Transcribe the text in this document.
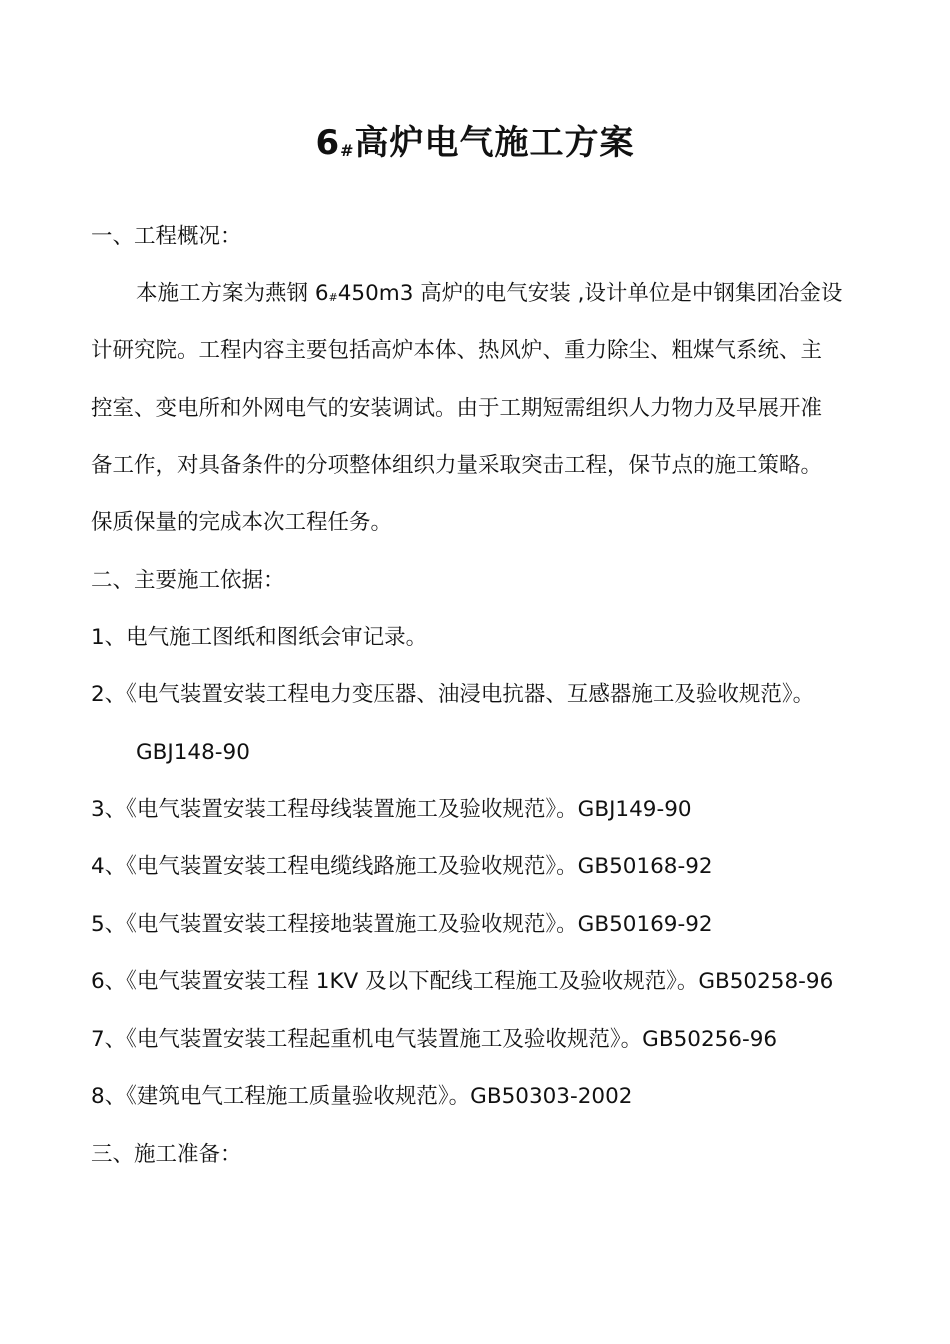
6#高炉电气施工方案
一、工程概况：
本施工方案为燕钢 6#450m3 高炉的电气安装 ,设计单位是中钢集团冶金设
计研究院。工程内容主要包括高炉本体、热风炉、重力除尘、粗煤气系统、主
控室、变电所和外网电气的安装调试。由于工期短需组织人力物力及早展开准
备工作，对具备条件的分项整体组织力量采取突击工程，保节点的施工策略。
保质保量的完成本次工程任务。
二、主要施工依据：
1、电气施工图纸和图纸会审记录。
2、《电气装置安装工程电力变压器、油浸电抗器、互感器施工及验收规范》。
GBJ148-90
3、《电气装置安装工程母线装置施工及验收规范》。GBJ149-90
4、《电气装置安装工程电缆线路施工及验收规范》。GB50168-92
5、《电气装置安装工程接地装置施工及验收规范》。GB50169-92
6、《电气装置安装工程 1KV 及以下配线工程施工及验收规范》。GB50258-96
7、《电气装置安装工程起重机电气装置施工及验收规范》。GB50256-96
8、《建筑电气工程施工质量验收规范》。GB50303-2002
三、施工准备：
